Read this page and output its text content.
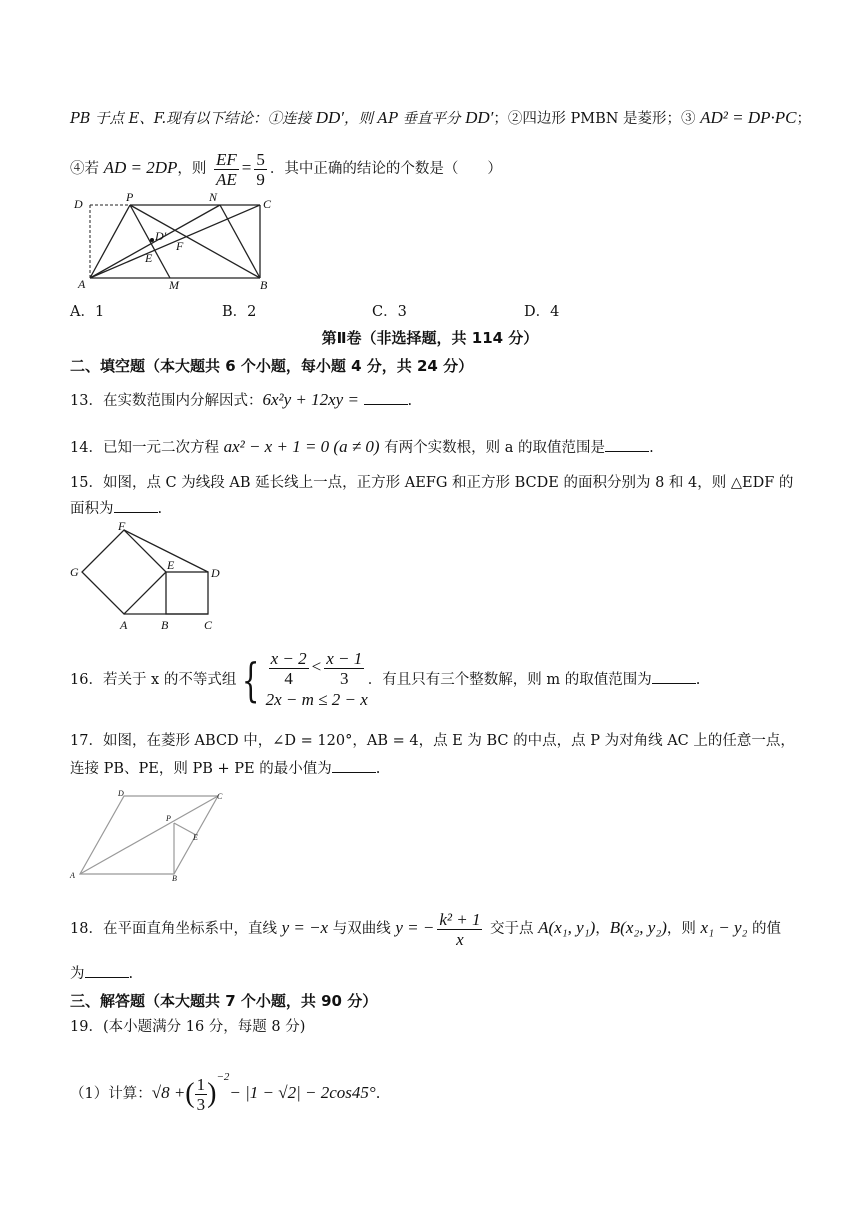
PB 于点 E、F.现有以下结论：①连接 DD′，则 AP 垂直平分 DD′；②四边形 PMBN 是菱形；③ AD² = DP·PC；
④若 AD = 2DP，则 $\frac{EF}{AE} = \frac{5}{9}$ ．其中正确的结论的个数是（　　）
D	P	N	C
D′
F
E
A	M	B
A．1	B．2	C．3	D．4
第Ⅱ卷（非选择题，共 114 分）
二、填空题（本大题共 6 个小题，每小题 4 分，共 24 分）
13．在实数范围内分解因式：6x²y + 12xy =	.
14．已知一元二次方程 ax² − x + 1 = 0 (a ≠ 0) 有两个实数根，则 a 的取值范围是	.
15．如图，点 C 为线段 AB 延长线上一点，正方形 AEFG 和正方形 BCDE 的面积分别为 8 和 4，则 △EDF 的
面积为	.
F
G	E
D
A	B	C
16．若关于 x 的不等式组 { $\frac{x - 2}{4} < \frac{x - 1}{3}$
2x − m ≤ 2 − x
．有且只有三个整数解，则 m 的取值范围为	.
17．如图，在菱形 ABCD 中，∠D = 120°，AB = 4，点 E 为 BC 的中点，点 P 为对角线 AC 上的任意一点，
连接 PB、PE，则 PB + PE 的最小值为	.
D	C
P
E
A	B
18．在平面直角坐标系中，直线 y = −x 与双曲线 y = − $\frac{\text{k² + 1}}{x}$ 交于点 A(x₁, y₁)，B(x₂, y₂)，则 x₁ − y₂ 的值
为	.
三、解答题（本大题共 7 个小题，共 90 分）
19．(本小题满分 16 分，每题 8 分)
（1）计算：√8 +( $\frac{1}{3} )^{-2}- |1 - √2| - 2\cos 45^\circ$.
